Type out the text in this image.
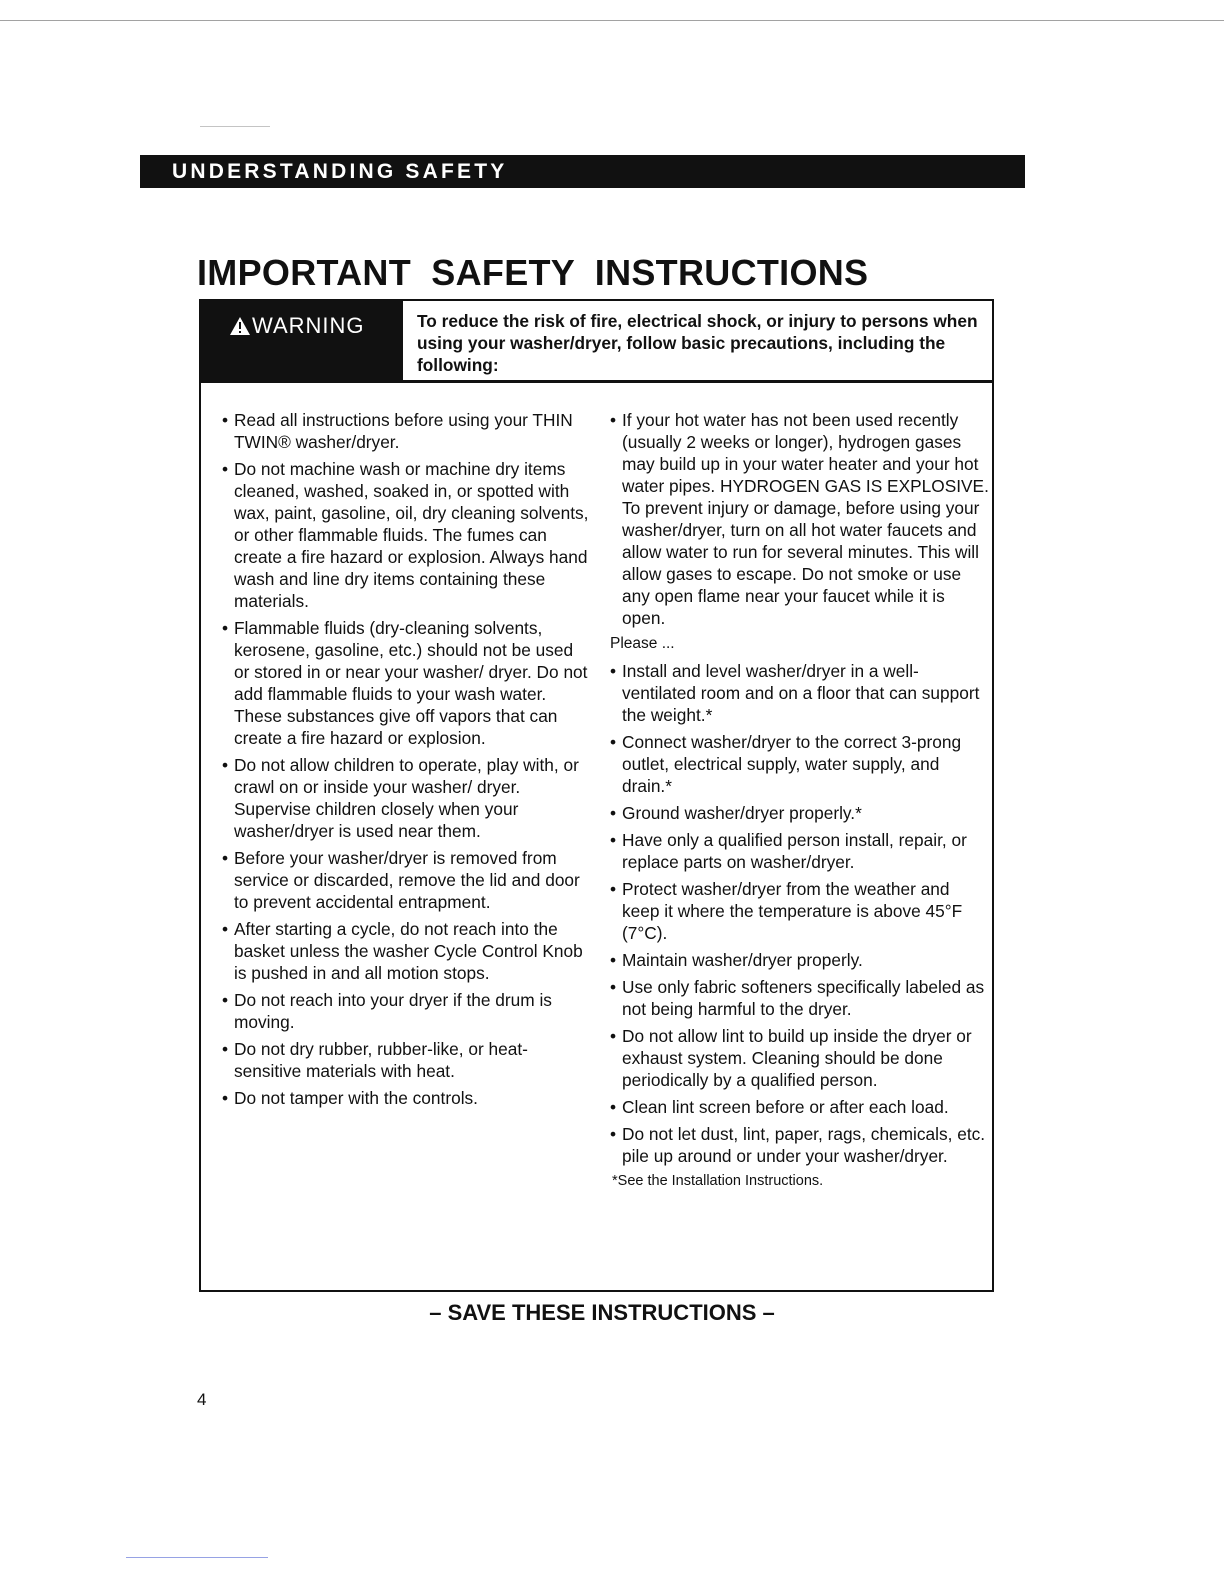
UNDERSTANDING SAFETY
IMPORTANT SAFETY INSTRUCTIONS
WARNING	To reduce the risk of fire, electrical shock, or injury to persons when using your washer/dryer, follow basic precautions, including the following:
• Read all instructions before using your THIN TWIN® washer/dryer.
• Do not machine wash or machine dry items cleaned, washed, soaked in, or spotted with wax, paint, gasoline, oil, dry cleaning solvents, or other flammable fluids. The fumes can create a fire hazard or explosion. Always hand wash and line dry items containing these materials.
• Flammable fluids (dry-cleaning solvents, kerosene, gasoline, etc.) should not be used or stored in or near your washer/ dryer. Do not add flammable fluids to your wash water. These substances give off vapors that can create a fire hazard or explosion.
• Do not allow children to operate, play with, or crawl on or inside your washer/ dryer. Supervise children closely when your washer/dryer is used near them.
• Before your washer/dryer is removed from service or discarded, remove the lid and door to prevent accidental entrapment.
• After starting a cycle, do not reach into the basket unless the washer Cycle Control Knob is pushed in and all motion stops.
• Do not reach into your dryer if the drum is moving.
• Do not dry rubber, rubber-like, or heat-sensitive materials with heat.
• Do not tamper with the controls.
• If your hot water has not been used recently (usually 2 weeks or longer), hydrogen gases may build up in your water heater and your hot water pipes. HYDROGEN GAS IS EXPLOSIVE. To prevent injury or damage, before using your washer/dryer, turn on all hot water faucets and allow water to run for several minutes. This will allow gases to escape. Do not smoke or use any open flame near your faucet while it is open.

Please ...

• Install and level washer/dryer in a well-ventilated room and on a floor that can support the weight.*
• Connect washer/dryer to the correct 3-prong outlet, electrical supply, water supply, and drain.*
• Ground washer/dryer properly.*
• Have only a qualified person install, repair, or replace parts on washer/dryer.
• Protect washer/dryer from the weather and keep it where the temperature is above 45°F (7°C).
• Maintain washer/dryer properly.
• Use only fabric softeners specifically labeled as not being harmful to the dryer.
• Do not allow lint to build up inside the dryer or exhaust system. Cleaning should be done periodically by a qualified person.
• Clean lint screen before or after each load.
• Do not let dust, lint, paper, rags, chemicals, etc. pile up around or under your washer/dryer.

*See the Installation Instructions.

– SAVE THESE INSTRUCTIONS –
4
